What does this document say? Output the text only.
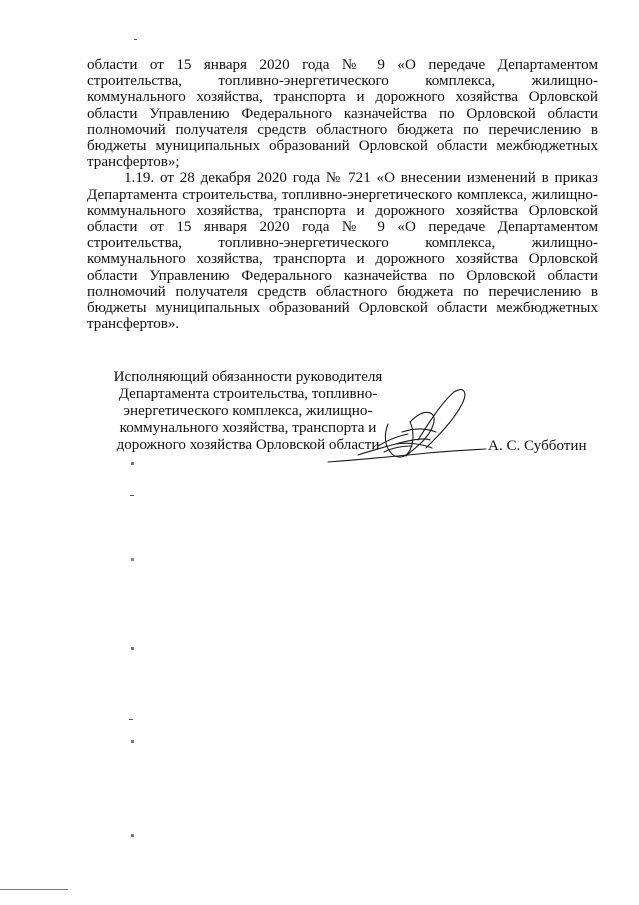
области от 15 января 2020 года № 9 «О передаче Департаментом строительства, топливно-энергетического комплекса, жилищно-коммунального хозяйства, транспорта и дорожного хозяйства Орловской области Управлению Федерального казначейства по Орловской области полномочий получателя средств областного бюджета по перечислению в бюджеты муниципальных образований Орловской области межбюджетных трансфертов»;

1.19. от 28 декабря 2020 года № 721 «О внесении изменений в приказ Департамента строительства, топливно-энергетического комплекса, жилищно-коммунального хозяйства, транспорта и дорожного хозяйства Орловской области от 15 января 2020 года № 9 «О передаче Департаментом строительства, топливно-энергетического комплекса, жилищно-коммунального хозяйства, транспорта и дорожного хозяйства Орловской области Управлению Федерального казначейства по Орловской области полномочий получателя средств областного бюджета по перечислению в бюджеты муниципальных образований Орловской области межбюджетных трансфертов».

Исполняющий обязанности руководителя
Департамента строительства, топливно-
энергетического комплекса, жилищно-
коммунального хозяйства, транспорта и
дорожного хозяйства Орловской области	А. С. Субботин
